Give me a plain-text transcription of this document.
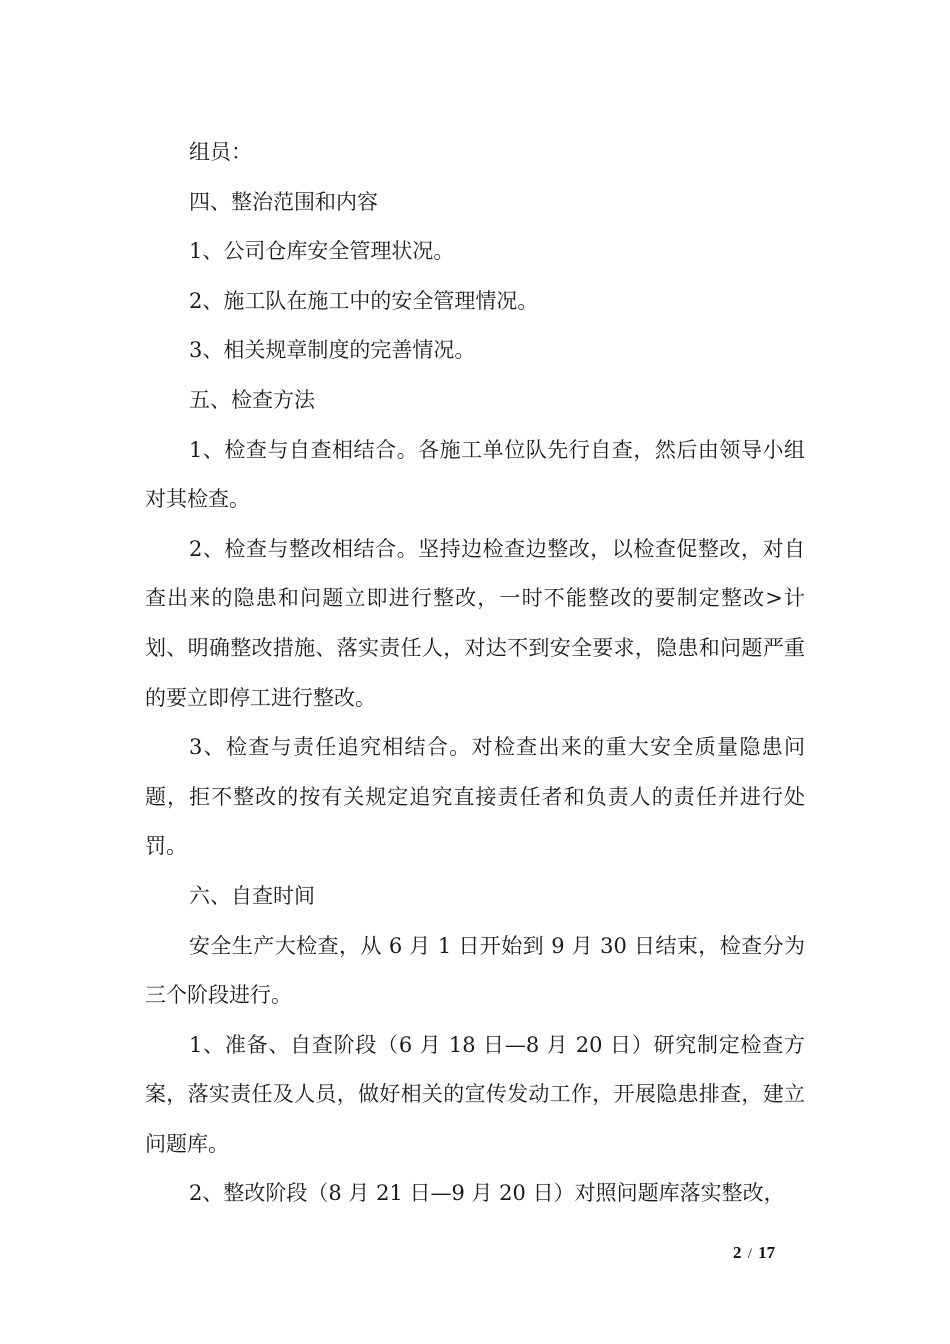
组员：

四、整治范围和内容

1、公司仓库安全管理状况。

2、施工队在施工中的安全管理情况。

3、相关规章制度的完善情况。

五、检查方法

1、检查与自查相结合。各施工单位队先行自查，然后由领导小组对其检查。

2、检查与整改相结合。坚持边检查边整改，以检查促整改，对自查出来的隐患和问题立即进行整改，一时不能整改的要制定整改>计划、明确整改措施、落实责任人，对达不到安全要求，隐患和问题严重的要立即停工进行整改。

3、检查与责任追究相结合。对检查出来的重大安全质量隐患问题，拒不整改的按有关规定追究直接责任者和负责人的责任并进行处罚。

六、自查时间

安全生产大检查，从 6 月 1 日开始到 9 月 30 日结束，检查分为三个阶段进行。

1、准备、自查阶段（6 月 18 日—8 月 20 日）研究制定检查方案，落实责任及人员，做好相关的宣传发动工作，开展隐患排查，建立问题库。

2、整改阶段（8 月 21 日—9 月 20 日）对照问题库落实整改，

2 / 17
